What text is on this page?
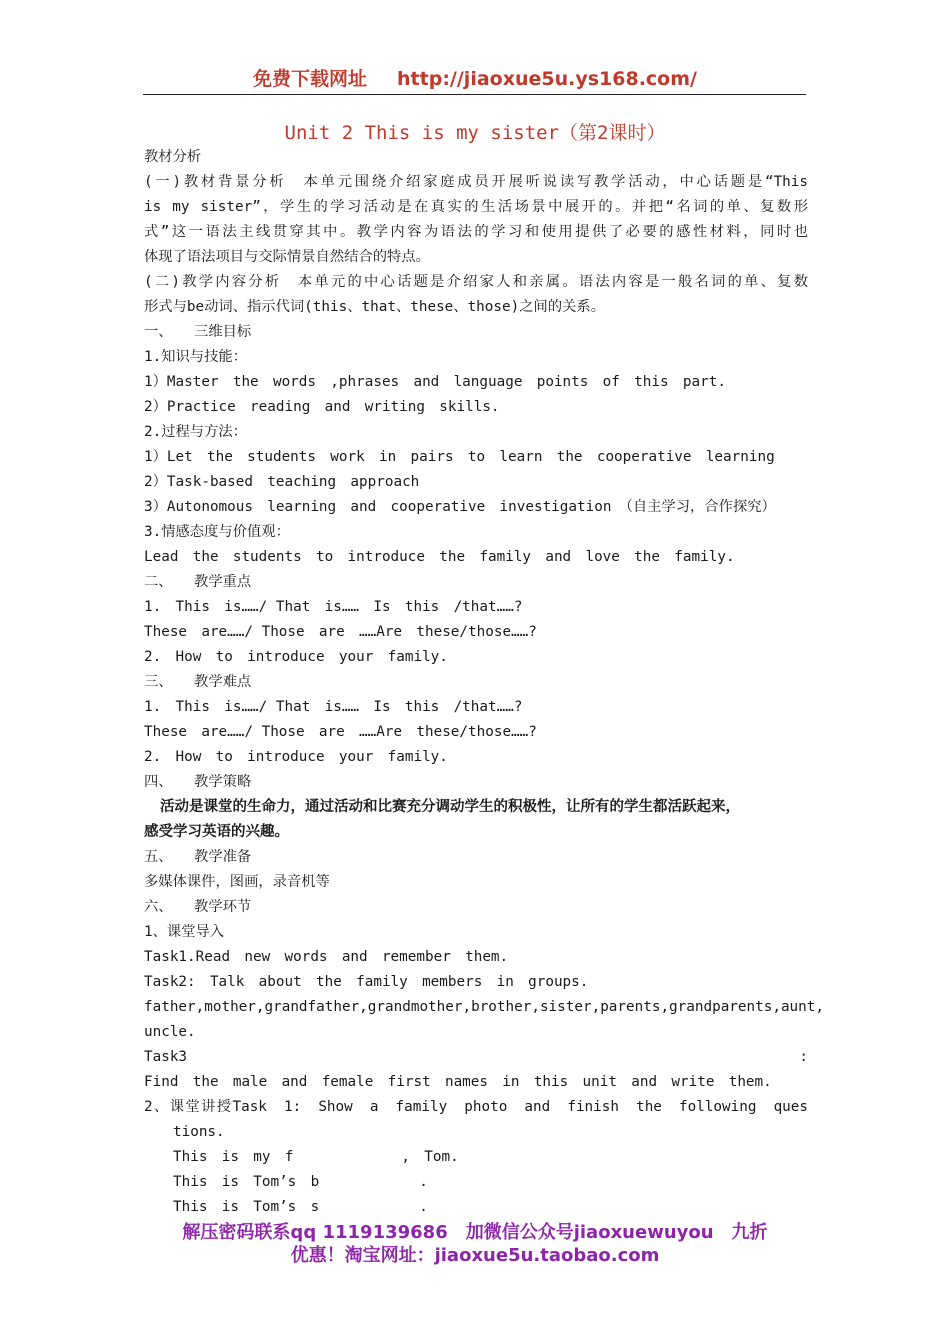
免费下载网址 http://jiaoxue5u.ys168.com/
Unit 2 This is my sister（第2课时）
教材分析
(一)教材背景分析　本单元围绕介绍家庭成员开展听说读写教学活动，中心话题是“This
is my sister”，学生的学习活动是在真实的生活场景中展开的。并把“名词的单、复数形
式”这一语法主线贯穿其中。教学内容为语法的学习和使用提供了必要的感性材料，同时也
体现了语法项目与交际情景自然结合的特点。
(二)教学内容分析　本单元的中心话题是介绍家人和亲属。语法内容是一般名词的单、复数
形式与be动词、指示代词(this、that、these、those)之间的关系。
一、　　三维目标
1.知识与技能：
1）Master　the　words　,phrases　and　language　points　of　this　part.
2）Practice　reading　and　writing　skills.
2.过程与方法：
1）Let　the　students　work　in　pairs　to　learn　the　cooperative　learning
2）Task-based　teaching　approach
3）Autonomous　learning　and　cooperative　investigation　（自主学习，合作探究）
3.情感态度与价值观：
Lead　the　students　to　introduce　the　family　and　love　the　family.
二、　　教学重点
1.　This　is……/ That　is……　Is　this　/that……?
These　are……/ Those　are　……Are　these/those……?
2.　How　to　introduce　your　family.
三、　　教学难点
1.　This　is……/ That　is……　Is　this　/that……?
These　are……/ Those　are　……Are　these/those……?
2.　How　to　introduce　your　family.
四、　　教学策略
活动是课堂的生命力，通过活动和比赛充分调动学生的积极性，让所有的学生都活跃起来，
感受学习英语的兴趣。
五、　　教学准备
多媒体课件，图画，录音机等
六、　　教学环节
1、课堂导入
Task1.Read　new　words　and　remember　them.
Task2:　Talk　about　the　family　members　in　groups.
father,mother,grandfather,grandmother,brother,sister,parents,grandparents,aunt,
uncle.
Task3	:
Find　the　male　and　female　first　names　in　this　unit　and　write　them.
2、课堂讲授Task　1:　Show　a　family　photo　and　finish　the　following　ques
tions.
This　is　my　f	,　Tom.
This　is　Tom’s　b	.
This　is　Tom’s　s	.
解压密码联系qq 1119139686　加微信公众号jiaoxuewuyou　九折
优惠！淘宝网址：jiaoxue5u.taobao.com
